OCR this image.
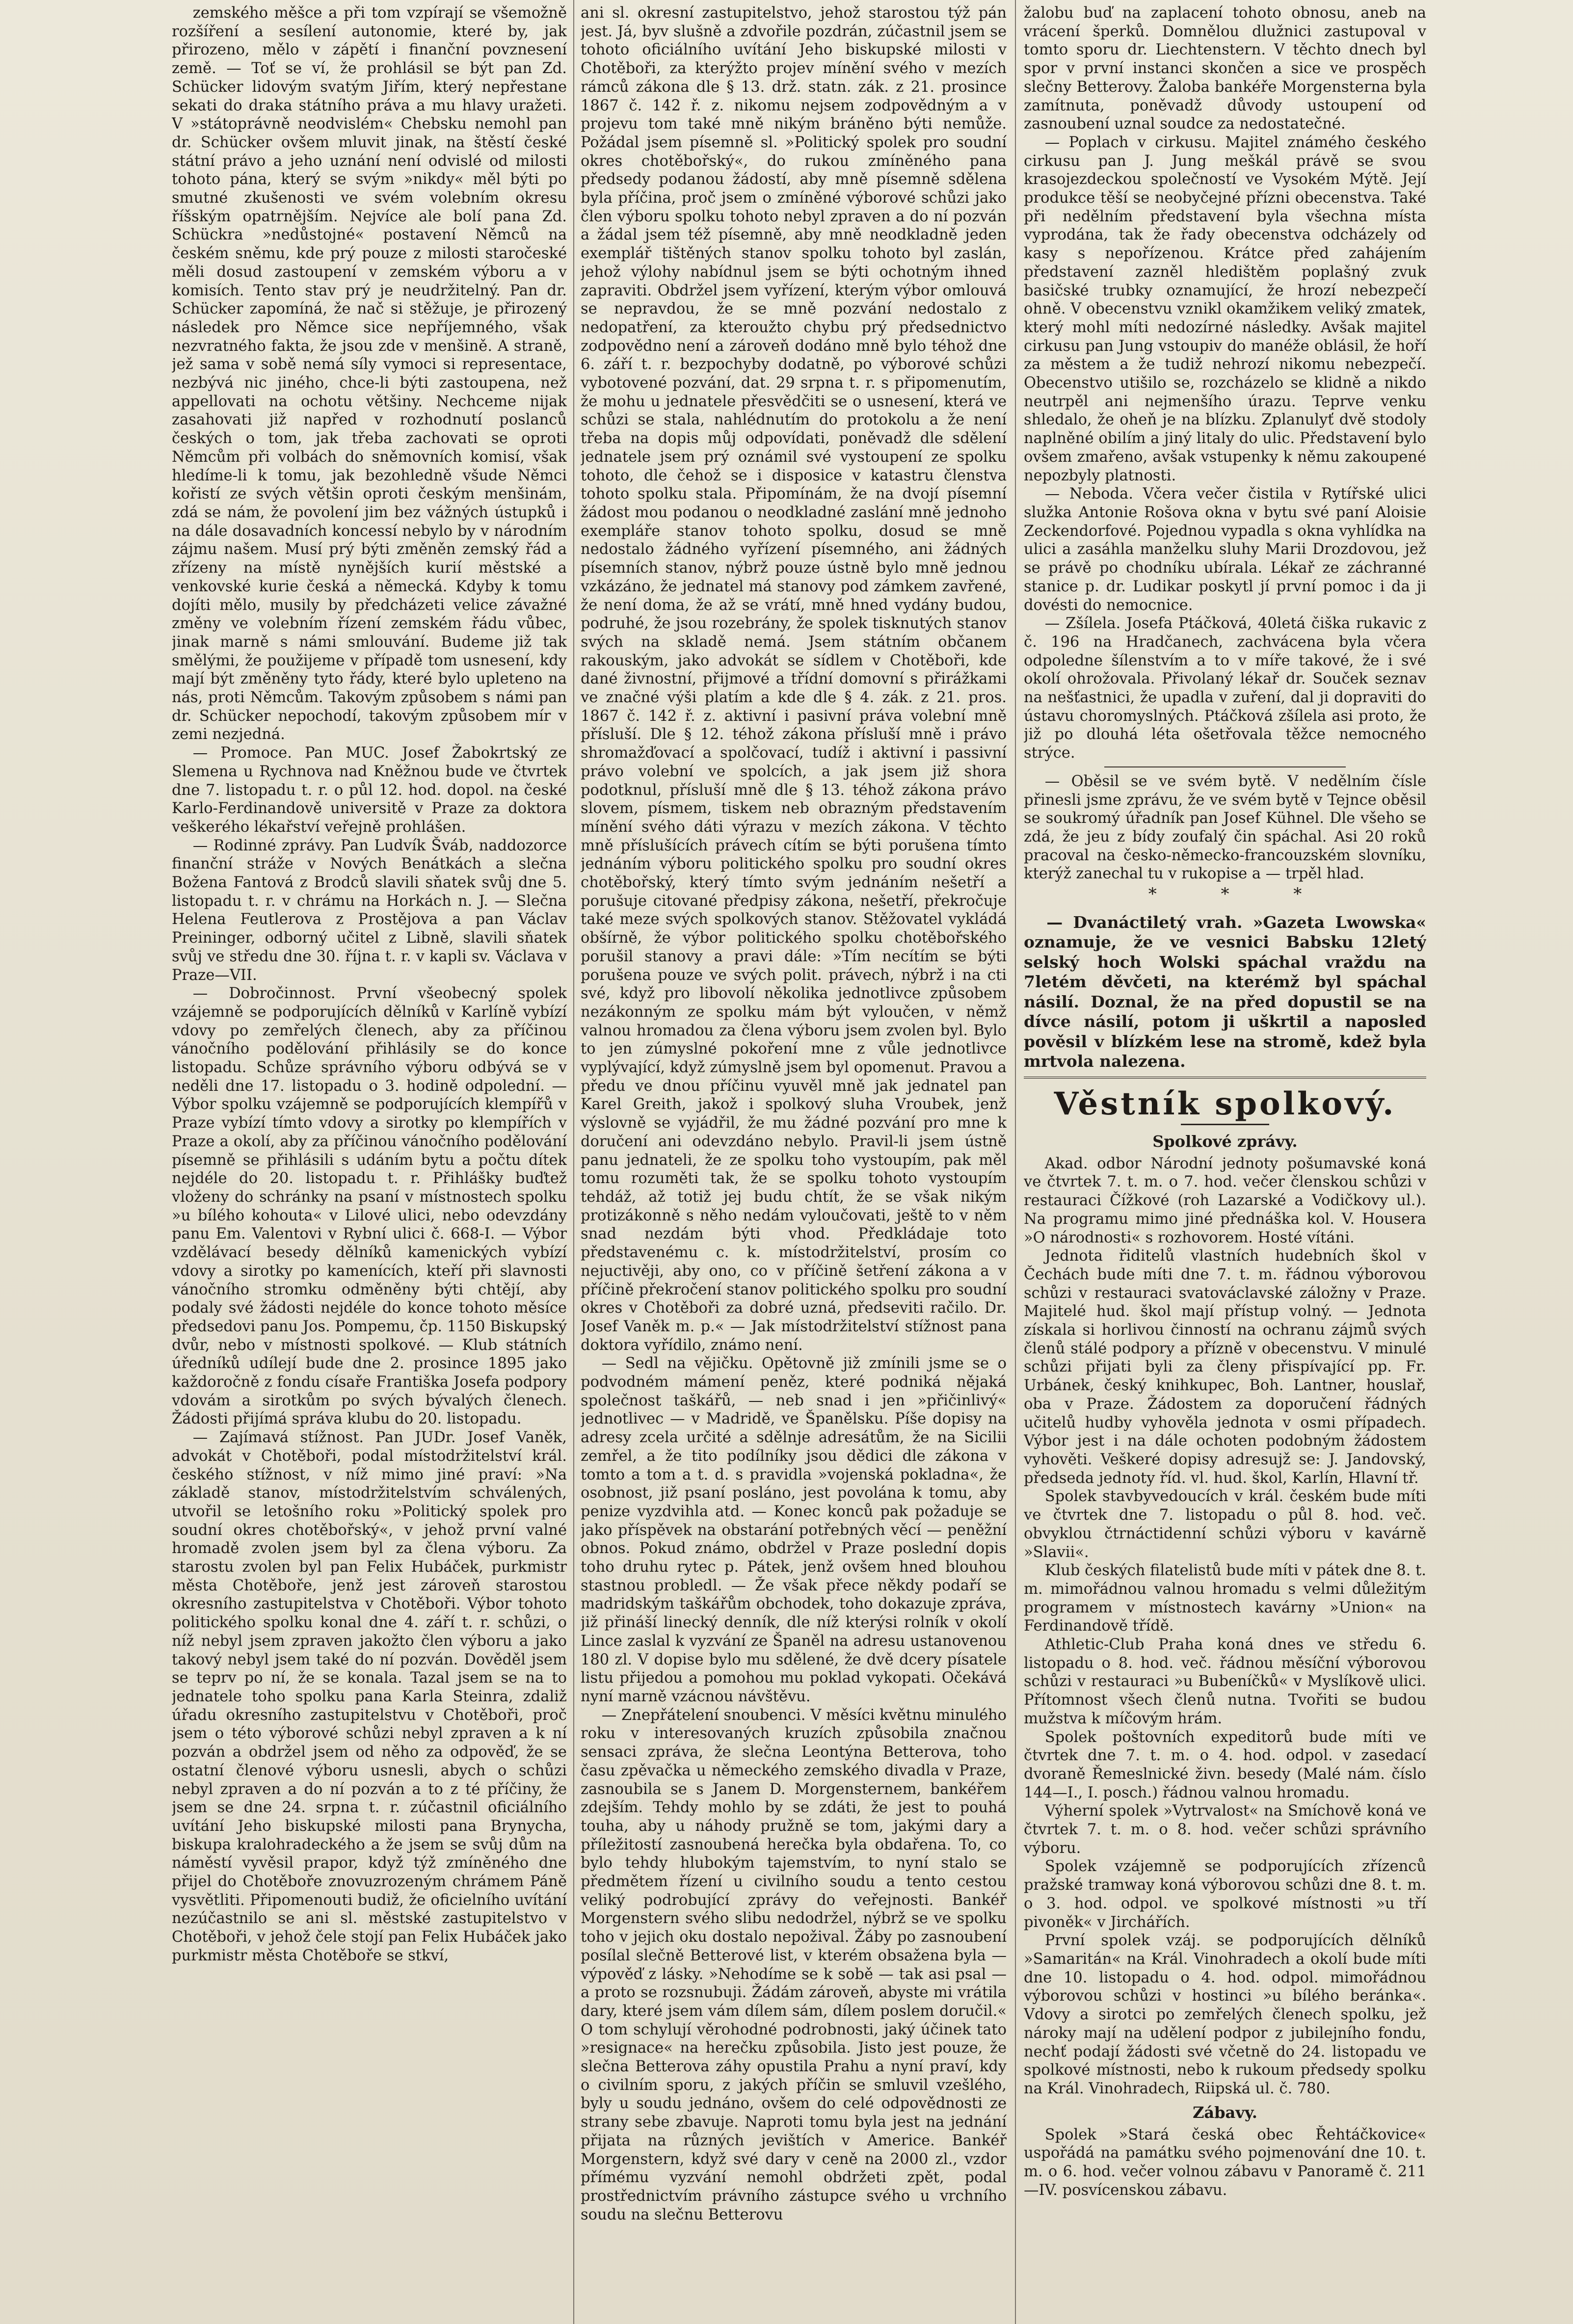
zemského měšce a při tom vzpírají se všemožně rozšíření a sesílení autonomie, které by, jak přirozeno, mělo v zápětí i finanční povznesení země. — Toť se ví, že prohlásil se být pan Zd. Schücker lidovým svatým Jiřím, který nepřestane sekati do draka státního práva a mu hlavy uražeti. V »státoprávně neodvislém« Chebsku nemohl pan dr. Schücker ovšem mluvit jinak, na štěstí české státní právo a jeho uznání není odvislé od milosti tohoto pána, který se svým »nikdy« měl býti po smutné zkušenosti ve svém volebním okresu říšským opatrnějším. Nejvíce ale bolí pana Zd. Schückra »nedůstojné« postavení Němců na českém sněmu, kde prý pouze z milosti staročeské měli dosud zastoupení v zemském výboru a v komisích. Tento stav prý je neudržitelný. Pan dr. Schücker zapomíná, že nač si stěžuje, je přirozený následek pro Němce sice nepříjemného, však nezvratného fakta, že jsou zde v menšině. A straně, jež sama v sobě nemá síly vymoci si representace, nezbývá nic jiného, chce-li býti zastoupena, než appellovati na ochotu většiny. Nechceme nijak zasahovati již napřed v rozhodnutí poslanců českých o tom, jak třeba zachovati se oproti Němcům při volbách do sněmovních komisí, však hledíme-li k tomu, jak bezohledně všude Němci kořistí ze svých většin oproti českým menšinám, zdá se nám, že povolení jim bez vážných ústupků i na dále dosavadních koncessí nebylo by v národním zájmu našem. Musí prý býti změněn zemský řád a zřízeny na místě nynějších kurií městské a venkovské kurie česká a německá. Kdyby k tomu dojíti mělo, musily by předcházeti velice závažné změny ve volebním řízení zemském řádu vůbec, jinak marně s námi smlouvání. Budeme již tak smělými, že použijeme v případě tom usnesení, kdy mají být změněny tyto řády, které bylo upleteno na nás, proti Němcům. Takovým způsobem s námi pan dr. Schücker nepochodí, takovým způsobem mír v zemi nezjedná.

— Promoce. Pan MUC. Josef Žabokrtský ze Slemena u Rychnova nad Kněžnou bude ve čtvrtek dne 7. listopadu t. r. o půl 12. hod. dopol. na české Karlo-Ferdinandově universitě v Praze za doktora veškerého lékařství veřejně prohlášen.

— Rodinné zprávy. Pan Ludvík Šváb, naddozorce finanční stráže v Nových Benátkách a slečna Božena Fantová z Brodců slavili sňatek svůj dne 5. listopadu t. r. v chrámu na Horkách n. J. — Slečna Helena Feutlerova z Prostějova a pan Václav Preininger, odborný učitel z Libně, slavili sňatek svůj ve středu dne 30. října t. r. v kapli sv. Václava v Praze—VII.

— Dobročinnost. První všeobecný spolek vzájemně se podporujících dělníků v Karlíně vybízí vdovy po zemřelých členech, aby za příčinou vánočního podělování přihlásily se do konce listopadu. Schůze správního výboru odbývá se v neděli dne 17. listopadu o 3. hodině odpolední. — Výbor spolku vzájemně se podporujících klempířů v Praze vybízí tímto vdovy a sirotky po klempířích v Praze a okolí, aby za příčinou vánočního podělování písemně se přihlásili s udáním bytu a počtu dítek nejdéle do 20. listopadu t. r. Přihlášky buďtež vloženy do schránky na psaní v místnostech spolku »u bílého kohouta« v Lilové ulici, nebo odevzdány panu Em. Valentovi v Rybní ulici č. 668-I. — Výbor vzdělávací besedy dělníků kamenických vybízí vdovy a sirotky po kamenících, kteří při slavnosti vánočního stromku odměněny býti chtějí, aby podaly své žádosti nejdéle do konce tohoto měsíce předsedovi panu Jos. Pompemu, čp. 1150 Biskupský dvůr, nebo v místnosti spolkové. — Klub státních úředníků udílejí bude dne 2. prosince 1895 jako každoročně z fondu císaře Františka Josefa podpory vdovám a sirotkům po svých bývalých členech. Žádosti přijímá správa klubu do 20. listopadu.

— Zajímavá stížnost. Pan JUDr. Josef Vaněk, advokát v Chotěboři, podal místodržitelství král. českého stížnost, v níž mimo jiné praví: »Na základě stanov, místodržitelstvím schválených, utvořil se letošního roku »Politický spolek pro soudní okres chotěbořský«, v jehož první valné hromadě zvolen jsem byl za člena výboru. Za starostu zvolen byl pan Felix Hubáček, purkmistr města Chotěboře, jenž jest zároveň starostou okresního zastupitelstva v Chotěboři. Výbor tohoto politického spolku konal dne 4. září t. r. schůzi, o níž nebyl jsem zpraven jakožto člen výboru a jako takový nebyl jsem také do ní pozván. Dověděl jsem se teprv po ní, že se konala. Tazal jsem se na to jednatele toho spolku pana Karla Steinra, zdaliž úřadu okresního zastupitelstvu v Chotěboři, proč jsem o této výborové schůzi nebyl zpraven a k ní pozván a obdržel jsem od něho za odpověď, že se ostatní členové výboru usnesli, abych o schůzi nebyl zpraven a do ní pozván a to z té příčiny, že jsem se dne 24. srpna t. r. zúčastnil oficiálního uvítání Jeho biskupské milosti pana Brynycha, biskupa kralohradeckého a že jsem se svůj dům na náměstí vyvěsil prapor, když týž zmíněného dne přijel do Chotěboře znovuzrozeným chrámem Páně vysvětliti. Připomenouti budiž, že oficielního uvítání nezúčastnilo se ani sl. městské zastupitelstvo v Chotěboři, v jehož čele stojí pan Felix Hubáček jako purkmistr města Chotěboře se stkví,

ani sl. okresní zastupitelstvo, jehož starostou týž pán jest. Já, byv slušně a zdvořile pozdrán, zúčastnil jsem se tohoto oficiálního uvítání Jeho biskupské milosti v Chotěboři, za kterýžto projev mínění svého v mezích rámců zákona dle § 13. drž. statn. zák. z 21. prosince 1867 č. 142 ř. z. nikomu nejsem zodpovědným a v projevu tom také mně nikým bráněno býti nemůže. Požádal jsem písemně sl. »Politický spolek pro soudní okres chotěbořský«, do rukou zmíněného pana předsedy podanou žádostí, aby mně písemně sdělena byla příčina, proč jsem o zmíněné výborové schůzi jako člen výboru spolku tohoto nebyl zpraven a do ní pozván a žádal jsem též písemně, aby mně neodkladně jeden exemplář tištěných stanov spolku tohoto byl zaslán, jehož výlohy nabídnul jsem se býti ochotným ihned zapraviti. Obdržel jsem vyřízení, kterým výbor omlouvá se nepravdou, že se mně pozvání nedostalo z nedopatření, za kteroužto chybu prý předsednictvo zodpovědno není a zároveň dodáno mně bylo téhož dne 6. září t. r. bezpochyby dodatně, po výborové schůzi vybotovené pozvání, dat. 29 srpna t. r. s připomenutím, že mohu u jednatele přesvědčiti se o usnesení, která ve schůzi se stala, nahlédnutím do protokolu a že není třeba na dopis můj odpovídati, poněvadž dle sdělení jednatele jsem prý oznámil své vystoupení ze spolku tohoto, dle čehož se i disposice v katastru členstva tohoto spolku stala. Připomínám, že na dvojí písemní žádost mou podanou o neodkladné zaslání mně jednoho exempláře stanov tohoto spolku, dosud se mně nedostalo žádného vyřízení písemného, ani žádných písemních stanov, nýbrž pouze ústně bylo mně jednou vzkázáno, že jednatel má stanovy pod zámkem zavřené, že není doma, že až se vrátí, mně hned vydány budou, podruhé, že jsou rozebrány, že spolek tisknutých stanov svých na skladě nemá. Jsem státním občanem rakouským, jako advokát se sídlem v Chotěboři, kde dané živnostní, přijmové a třídní domovní s přirážkami ve značné výši platím a kde dle § 4. zák. z 21. pros. 1867 č. 142 ř. z. aktivní i pasivní práva volební mně přísluší. Dle § 12. téhož zákona přísluší mně i právo shromažďovací a spolčovací, tudíž i aktivní i passivní právo volební ve spolcích, a jak jsem již shora podotknul, přísluší mně dle § 13. téhož zákona právo slovem, písmem, tiskem neb obrazným představením mínění svého dáti výrazu v mezích zákona. V těchto mně příslušících právech cítím se býti porušena tímto jednáním výboru politického spolku pro soudní okres chotěbořský, který tímto svým jednáním nešetří a porušuje citované předpisy zákona, nešetří, překročuje také meze svých spolkových stanov. Stěžovatel vykládá obšírně, že výbor politického spolku chotěbořského porušil stanovy a pravi dále: »Tím necítím se býti porušena pouze ve svých polit. právech, nýbrž i na cti své, když pro libovolí několika jednotlivce způsobem nezákonným ze spolku mám být vyloučen, v němž valnou hromadou za člena výboru jsem zvolen byl. Bylo to jen zúmyslné pokoření mne z vůle jednotlivce vyplývající, když zúmyslně jsem byl opomenut. Pravou a předu ve dnou příčinu vyuvěl mně jak jednatel pan Karel Greith, jakož i spolkový sluha Vroubek, jenž výslovně se vyjádřil, že mu žádné pozvání pro mne k doručení ani odevzdáno nebylo. Pravil-li jsem ústně panu jednateli, že ze spolku toho vystoupím, pak měl tomu rozuměti tak, že se spolku tohoto vystoupím tehdáž, až totiž jej budu chtít, že se však nikým protizákonně s něho nedám vyloučovati, ještě to v něm snad nezdám býti vhod. Předkládaje toto představenému c. k. místodržitelství, prosím co nejuctivěji, aby ono, co v příčině šetření zákona a v příčině překročení stanov politického spolku pro soudní okres v Chotěboři za dobré uzná, předseviti račilo. Dr. Josef Vaněk m. p.« — Jak místodržitelství stížnost pana doktora vyřídilo, známo není.

— Sedl na vějičku. Opětovně již zmínili jsme se o podvodném mámení peněz, které podniká nějaká společnost taškářů, — neb snad i jen »přičinlivý« jednotlivec — v Madridě, ve Španělsku. Píše dopisy na adresy zcela určité a sdělnje adresátům, že na Sicilii zemřel, a že tito podílníky jsou dědici dle zákona v tomto a tom a t. d. s pravidla »vojenská pokladna«, že osobnost, již psaní posláno, jest povolána k tomu, aby penize vyzdvihla atd. — Konec konců pak požaduje se jako příspěvek na obstarání potřebných věcí — peněžní obnos. Pokud známo, obdržel v Praze poslední dopis toho druhu rytec p. Pátek, jenž ovšem hned blouhou stastnou probledl. — Že však přece někdy podaří se madridským taškářům obchodek, toho dokazuje zpráva, již přináší linecký denník, dle níž kterýsi rolník v okolí Lince zaslal k vyzvání ze Španěl na adresu ustanovenou 180 zl. V dopise bylo mu sdělené, že dvě dcery písatele listu přijedou a pomohou mu poklad vykopati. Očekává nyní marně vzácnou návštěvu.

— Znepřátelení snoubenci. V měsíci květnu minulého roku v interesovaných kruzích způsobila značnou sensaci zpráva, že slečna Leontýna Betterova, toho času zpěvačka u německého zemského divadla v Praze, zasnoubila se s Janem D. Morgensternem, bankéřem zdejším. Tehdy mohlo by se zdáti, že jest to pouhá touha, aby u náhody pružně se tom, jakými dary a příležitostí zasnoubená herečka byla obdařena. To, co bylo tehdy hlubokým tajemstvím, to nyní stalo se předmětem řízení u civilního soudu a tento cestou veliký podrobující zprávy do veřejnosti. Bankéř Morgenstern svého slibu nedodržel, nýbrž se ve spolku toho v jejich oku dostalo nepožival. Žáby po zasnoubení posílal slečně Betterové list, v kterém obsažena byla — výpověď z lásky. »Nehodíme se k sobě — tak asi psal — a proto se rozsnubuji. Žádám zároveň, abyste mi vrátila dary, které jsem vám dílem sám, dílem poslem doručil.« O tom schylují věrohodné podrobnosti, jaký účinek tato »resignace« na herečku způsobila. Jisto jest pouze, že slečna Betterova záhy opustila Prahu a nyní praví, kdy o civilním sporu, z jakých příčin se smluvil vzešlého, byly u soudu jednáno, ovšem do celé odpovědnosti ze strany sebe zbavuje. Naproti tomu byla jest na jednání přijata na různých jevištích v Americe. Bankéř Morgenstern, když své dary v ceně na 2000 zl., vzdor přímému vyzvání nemohl obdržeti zpět, podal prostřednictvím právního zástupce svého u vrchního soudu na slečnu Betterovu

žalobu buď na zaplacení tohoto obnosu, aneb na vrácení šperků. Domnělou dlužnici zastupoval v tomto sporu dr. Liechtenstern. V těchto dnech byl spor v první instanci skončen a sice ve prospěch slečny Betterovy. Žaloba bankéře Morgensterna byla zamítnuta, poněvadž důvody ustoupení od zasnoubení uznal soudce za nedostatečné.

— Poplach v cirkusu. Majitel známého českého cirkusu pan J. Jung meškál právě se svou krasojezdeckou společností ve Vysokém Mýtě. Její produkce těší se neobyčejné přízni obecenstva. Také při nedělním představení byla všechna místa vyprodána, tak že řady obecenstva odcházely od kasy s nepořízenou. Krátce před zahájením představení zazněl hledištěm poplašný zvuk basičské trubky oznamující, že hrozí nebezpečí ohně. V obecenstvu vznikl okamžikem veliký zmatek, který mohl míti nedozírné následky. Avšak majitel cirkusu pan Jung vstoupiv do manéže oblásil, že hoří za městem a že tudiž nehrozí nikomu nebezpečí. Obecenstvo utišilo se, rozcházelo se klidně a nikdo neutrpěl ani nejmenšího úrazu. Teprve venku shledalo, že oheň je na blízku. Zplanulyť dvě stodoly naplněné obilím a jiný litaly do ulic. Představení bylo ovšem zmařeno, avšak vstupenky k němu zakoupené nepozbyly platnosti.

— Neboda. Včera večer čistila v Rytířské ulici služka Antonie Rošova okna v bytu své paní Aloisie Zeckendorfové. Pojednou vypadla s okna vyhlídka na ulici a zasáhla manželku sluhy Marii Drozdovou, jež se právě po chodníku ubírala. Lékař ze záchranné stanice p. dr. Ludikar poskytl jí první pomoc i da ji dovésti do nemocnice.

— Zšílela. Josefa Ptáčková, 40letá čiška rukavic z č. 196 na Hradčanech, zachvácena byla včera odpoledne šílenstvím a to v míře takové, že i své okolí ohrožovala. Přivolaný lékař dr. Souček seznav na nešťastnici, že upadla v zuření, dal ji dopraviti do ústavu choromyslných. Ptáčková zšílela asi proto, že již po dlouhá léta ošetřovala těžce nemocného strýce.

— Oběsil se ve svém bytě. V nedělním čísle přinesli jsme zprávu, že ve svém bytě v Tejnce oběsil se soukromý úřadník pan Josef Kühnel. Dle všeho se zdá, že jeu z bídy zoufalý čin spáchal. Asi 20 roků pracoval na česko-německo-francouzském slovníku, kterýž zanechal tu v rukopise a — trpěl hlad.

* * *

— Dvanáctiletý vrah. »Gazeta Lwowska« oznamuje, že ve vesnici Babsku 12letý selský hoch Wolski spáchal vraždu na 7letém děvčeti, na kterémž byl spáchal násilí. Doznal, že na před dopustil se na dívce násilí, potom ji uškrtil a naposled pověsil v blízkém lese na stromě, kdež byla mrtvola nalezena.

Věstník spolkový.
Spolkové zprávy.

Akad. odbor Národní jednoty pošumavské koná ve čtvrtek 7. t. m. o 7. hod. večer členskou schůzi v restauraci Čížkové (roh Lazarské a Vodičkovy ul.). Na programu mimo jiné přednáška kol. V. Housera »O národnosti« s rozhovorem. Hosté vítáni.

Jednota řiditelů vlastních hudebních škol v Čechách bude míti dne 7. t. m. řádnou výborovou schůzi v restauraci svatováclavské záložny v Praze. Majitelé hud. škol mají přístup volný. — Jednota získala si horlivou činností na ochranu zájmů svých členů stálé podpory a přízně v obecenstvu. V minulé schůzi přijati byli za členy přispívající pp. Fr. Urbánek, český knihkupec, Boh. Lantner, houslař, oba v Praze. Žádostem za doporučení řádných učitelů hudby vyhověla jednota v osmi případech. Výbor jest i na dále ochoten podobným žádostem vyhověti. Veškeré dopisy adresujž se: J. Jandovský, předseda jednoty říd. vl. hud. škol, Karlín, Hlavní tř.

Spolek stavbyvedoucích v král. českém bude míti ve čtvrtek dne 7. listopadu o půl 8. hod. več. obvyklou čtrnáctidenní schůzi výboru v kavárně »Slavii«.

Klub českých filatelistů bude míti v pátek dne 8. t. m. mimořádnou valnou hromadu s velmi důležitým programem v místnostech kavárny »Union« na Ferdinandově třídě.

Athletic-Club Praha koná dnes ve středu 6. listopadu o 8. hod. več. řádnou měsíční výborovou schůzi v restauraci »u Bubeníčků« v Myslíkově ulici. Přítomnost všech členů nutna. Tvořiti se budou mužstva k míčovým hrám.

Spolek poštovních expeditorů bude míti ve čtvrtek dne 7. t. m. o 4. hod. odpol. v zasedací dvoraně Řemeslnické živn. besedy (Malé nám. číslo 144—I., I. posch.) řádnou valnou hromadu.

Výherní spolek »Vytrvalost« na Smíchově koná ve čtvrtek 7. t. m. o 8. hod. večer schůzi správního výboru.

Spolek vzájemně se podporujících zřízenců pražské tramway koná výborovou schůzi dne 8. t. m. o 3. hod. odpol. ve spolkové místnosti »u tří pivoněk« v Jirchářích.

První spolek vzáj. se podporujících dělníků »Samaritán« na Král. Vinohradech a okolí bude míti dne 10. listopadu o 4. hod. odpol. mimořádnou výborovou schůzi v hostinci »u bílého beránka«. Vdovy a sirotci po zemřelých členech spolku, jež nároky mají na udělení podpor z jubilejního fondu, nechť podají žádosti své včetně do 24. listopadu ve spolkové místnosti, nebo k rukoum předsedy spolku na Král. Vinohradech, Riipská ul. č. 780.

Zábavy.

Spolek »Stará česká obec Řehtáčkovice« uspořádá na památku svého pojmenování dne 10. t. m. o 6. hod. večer volnou zábavu v Panoramě č. 211—IV. posvícenskou zábavu.
